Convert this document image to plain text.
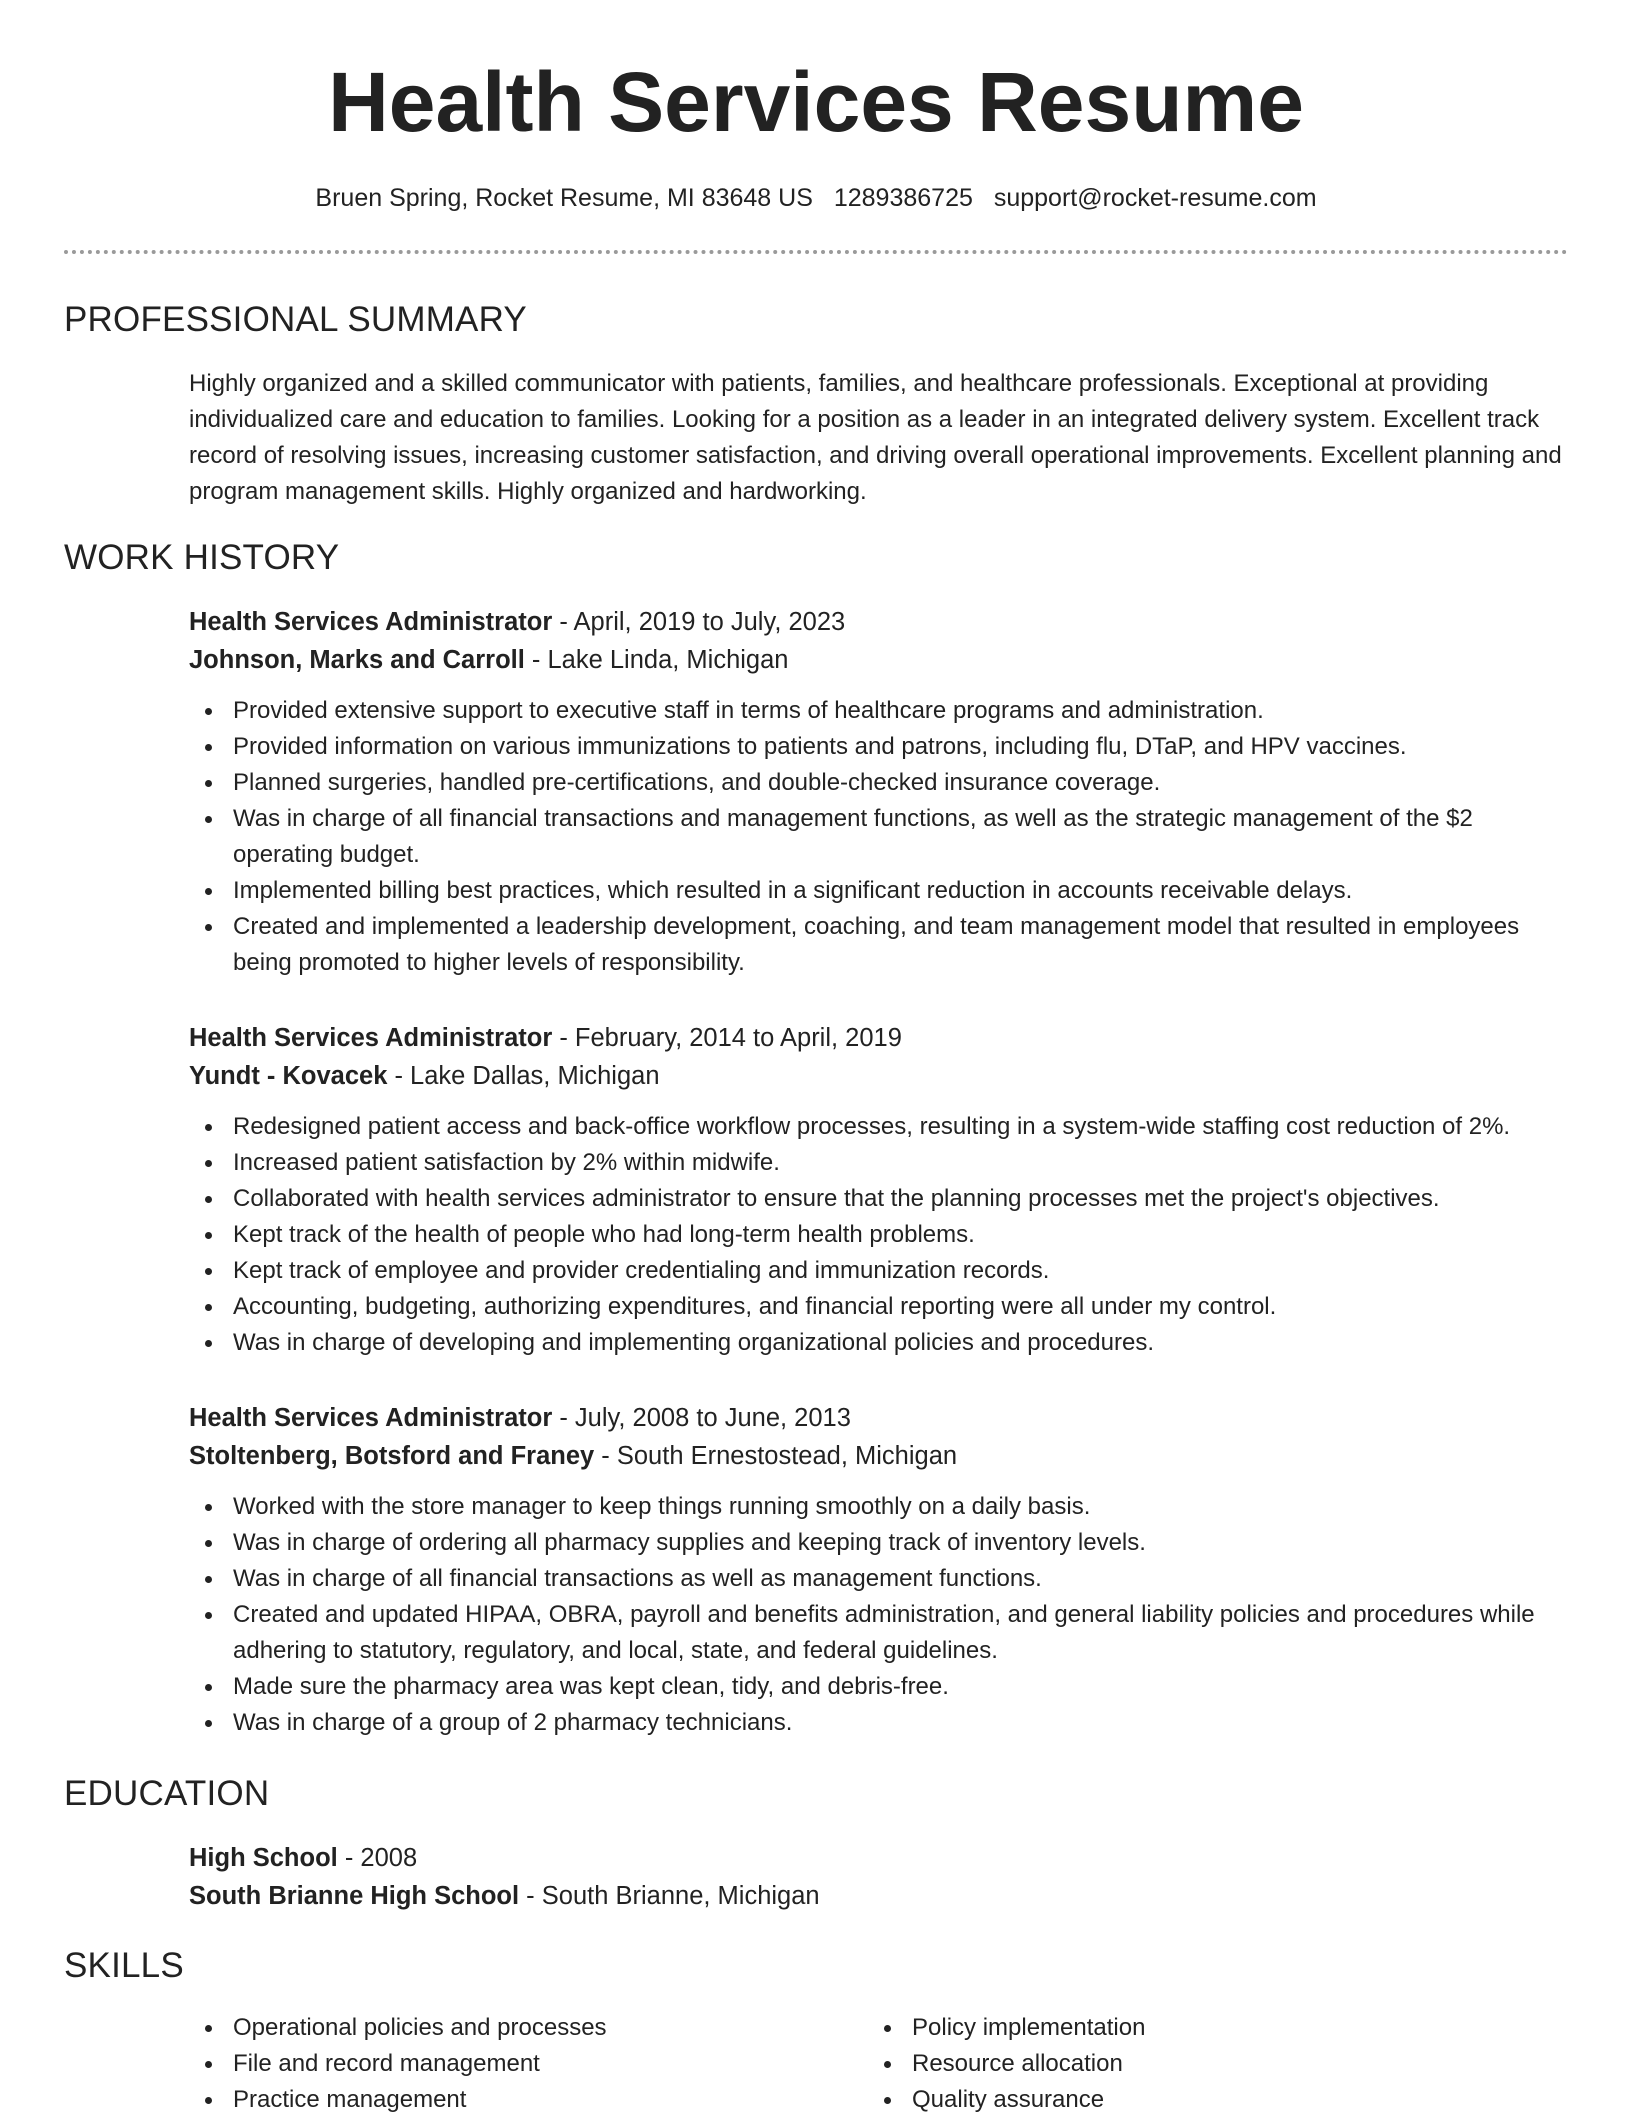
Health Services Resume
Bruen Spring, Rocket Resume, MI 83648 US 1289386725 support@rocket-resume.com
PROFESSIONAL SUMMARY
Highly organized and a skilled communicator with patients, families, and healthcare professionals. Exceptional at providing individualized care and education to families. Looking for a position as a leader in an integrated delivery system. Excellent track record of resolving issues, increasing customer satisfaction, and driving overall operational improvements. Excellent planning and program management skills. Highly organized and hardworking.
WORK HISTORY
Health Services Administrator - April, 2019 to July, 2023
Johnson, Marks and Carroll - Lake Linda, Michigan
Provided extensive support to executive staff in terms of healthcare programs and administration.
Provided information on various immunizations to patients and patrons, including flu, DTaP, and HPV vaccines.
Planned surgeries, handled pre-certifications, and double-checked insurance coverage.
Was in charge of all financial transactions and management functions, as well as the strategic management of the $2 operating budget.
Implemented billing best practices, which resulted in a significant reduction in accounts receivable delays.
Created and implemented a leadership development, coaching, and team management model that resulted in employees being promoted to higher levels of responsibility.
Health Services Administrator - February, 2014 to April, 2019
Yundt - Kovacek - Lake Dallas, Michigan
Redesigned patient access and back-office workflow processes, resulting in a system-wide staffing cost reduction of 2%.
Increased patient satisfaction by 2% within midwife.
Collaborated with health services administrator to ensure that the planning processes met the project's objectives.
Kept track of the health of people who had long-term health problems.
Kept track of employee and provider credentialing and immunization records.
Accounting, budgeting, authorizing expenditures, and financial reporting were all under my control.
Was in charge of developing and implementing organizational policies and procedures.
Health Services Administrator - July, 2008 to June, 2013
Stoltenberg, Botsford and Franey - South Ernestostead, Michigan
Worked with the store manager to keep things running smoothly on a daily basis.
Was in charge of ordering all pharmacy supplies and keeping track of inventory levels.
Was in charge of all financial transactions as well as management functions.
Created and updated HIPAA, OBRA, payroll and benefits administration, and general liability policies and procedures while adhering to statutory, regulatory, and local, state, and federal guidelines.
Made sure the pharmacy area was kept clean, tidy, and debris-free.
Was in charge of a group of 2 pharmacy technicians.
EDUCATION
High School - 2008
South Brianne High School - South Brianne, Michigan
SKILLS
Operational policies and processes
File and record management
Practice management
Policy implementation
Resource allocation
Quality assurance
